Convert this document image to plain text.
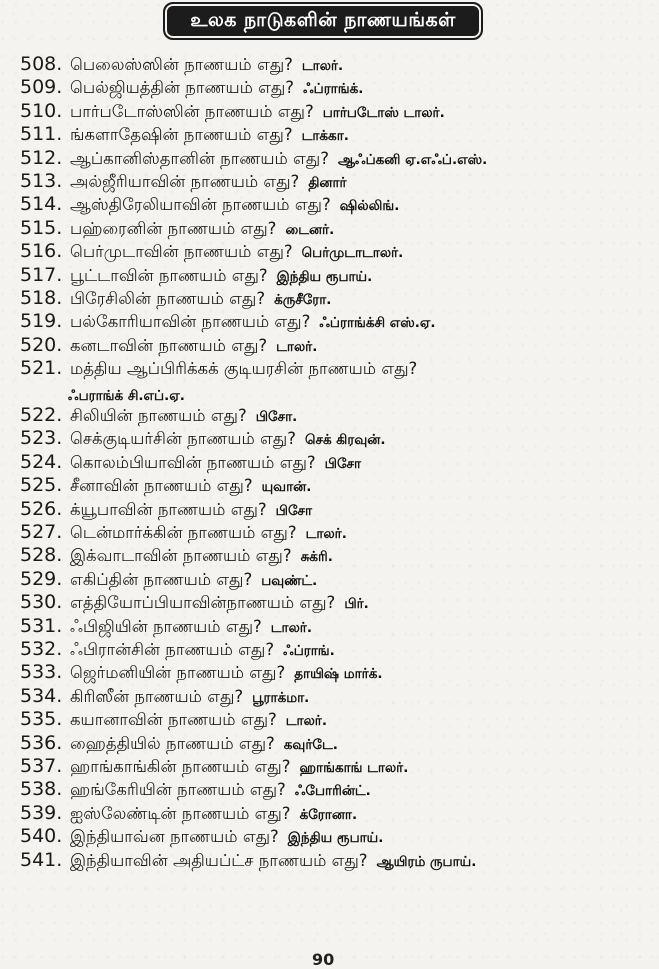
உலக நாடுகளின் நாணயங்கள்
508. பெலைஸ்ஸின் நாணயம் எது? டாலர்.
509. பெல்ஜியத்தின் நாணயம் எது? ஃப்ராங்க்.
510. பார்படோஸ்ஸின் நாணயம் எது? பார்படோஸ் டாலர்.
511. ங்களாதேஷின் நாணயம் எது? டாக்கா.
512. ஆப்கானிஸ்தானின் நாணயம் எது? ஆஃப்கனி ஏ.எஃப்.எஸ்.
513. அல்ஜீரியாவின் நாணயம் எது? தினார்
514. ஆஸ்திரேலியாவின் நாணயம் எது? ஷில்லிங்.
515. பஹ்ரைனின் நாணயம் எது? டைனர்.
516. பெர்முடாவின் நாணயம் எது? பெர்முடாடாலர்.
517. பூட்டாவின் நாணயம் எது? இந்திய ரூபாய்.
518. பிரேசிலின் நாணயம் எது? க்ருசீரோ.
519. பல்கோரியாவின் நாணயம் எது? ஃப்ராங்க்சி எஸ்.ஏ.
520. கனடாவின் நாணயம் எது? டாலர்.
521. மத்திய ஆப்பிரிக்கக் குடியரசின் நாணயம் எது?
ஃபராங்க் சி.எப்.ஏ.
522. சிலியின் நாணயம் எது? பிசோ.
523. செக்குடியர்சின் நாணயம் எது? செக் கிரவுன்.
524. கொலம்பியாவின் நாணயம் எது? பிசோ
525. சீனாவின் நாணயம் எது? யுவான்.
526. க்யூபாவின் நாணயம் எது? பிசோ
527. டென்மார்க்கின் நாணயம் எது? டாலர்.
528. இக்வாடாவின் நாணயம் எது? சுக்ரி.
529. எகிப்தின் நாணயம் எது? பவுண்ட்.
530. எத்தியோப்பியாவின்நாணயம் எது? பிர்.
531. ஃபிஜியின் நாணயம் எது? டாலர்.
532. ஃபிரான்சின் நாணயம் எது? ஃப்ராங்.
533. ஜெர்மனியின் நாணயம் எது? தாயிஷ் மார்க்.
534. கிரிஸீன் நாணயம் எது? பூராக்மா.
535. கயானாவின் நாணயம் எது? டாலர்.
536. ஹைத்தியில் நாணயம் எது? கவுர்டே.
537. ஹாங்காங்கின் நாணயம் எது? ஹாங்காங் டாலர்.
538. ஹங்கேரியின் நாணயம் எது? ஃபோரின்ட்.
539. ஐஸ்லேண்டின் நாணயம் எது? க்ரோனா.
540. இந்தியாவ்ன நாணயம் எது? இந்திய ரூபாய்.
541. இந்தியாவின் அதியப்ட்ச நாணயம் எது? ஆயிரம் ருபாய்.
90
